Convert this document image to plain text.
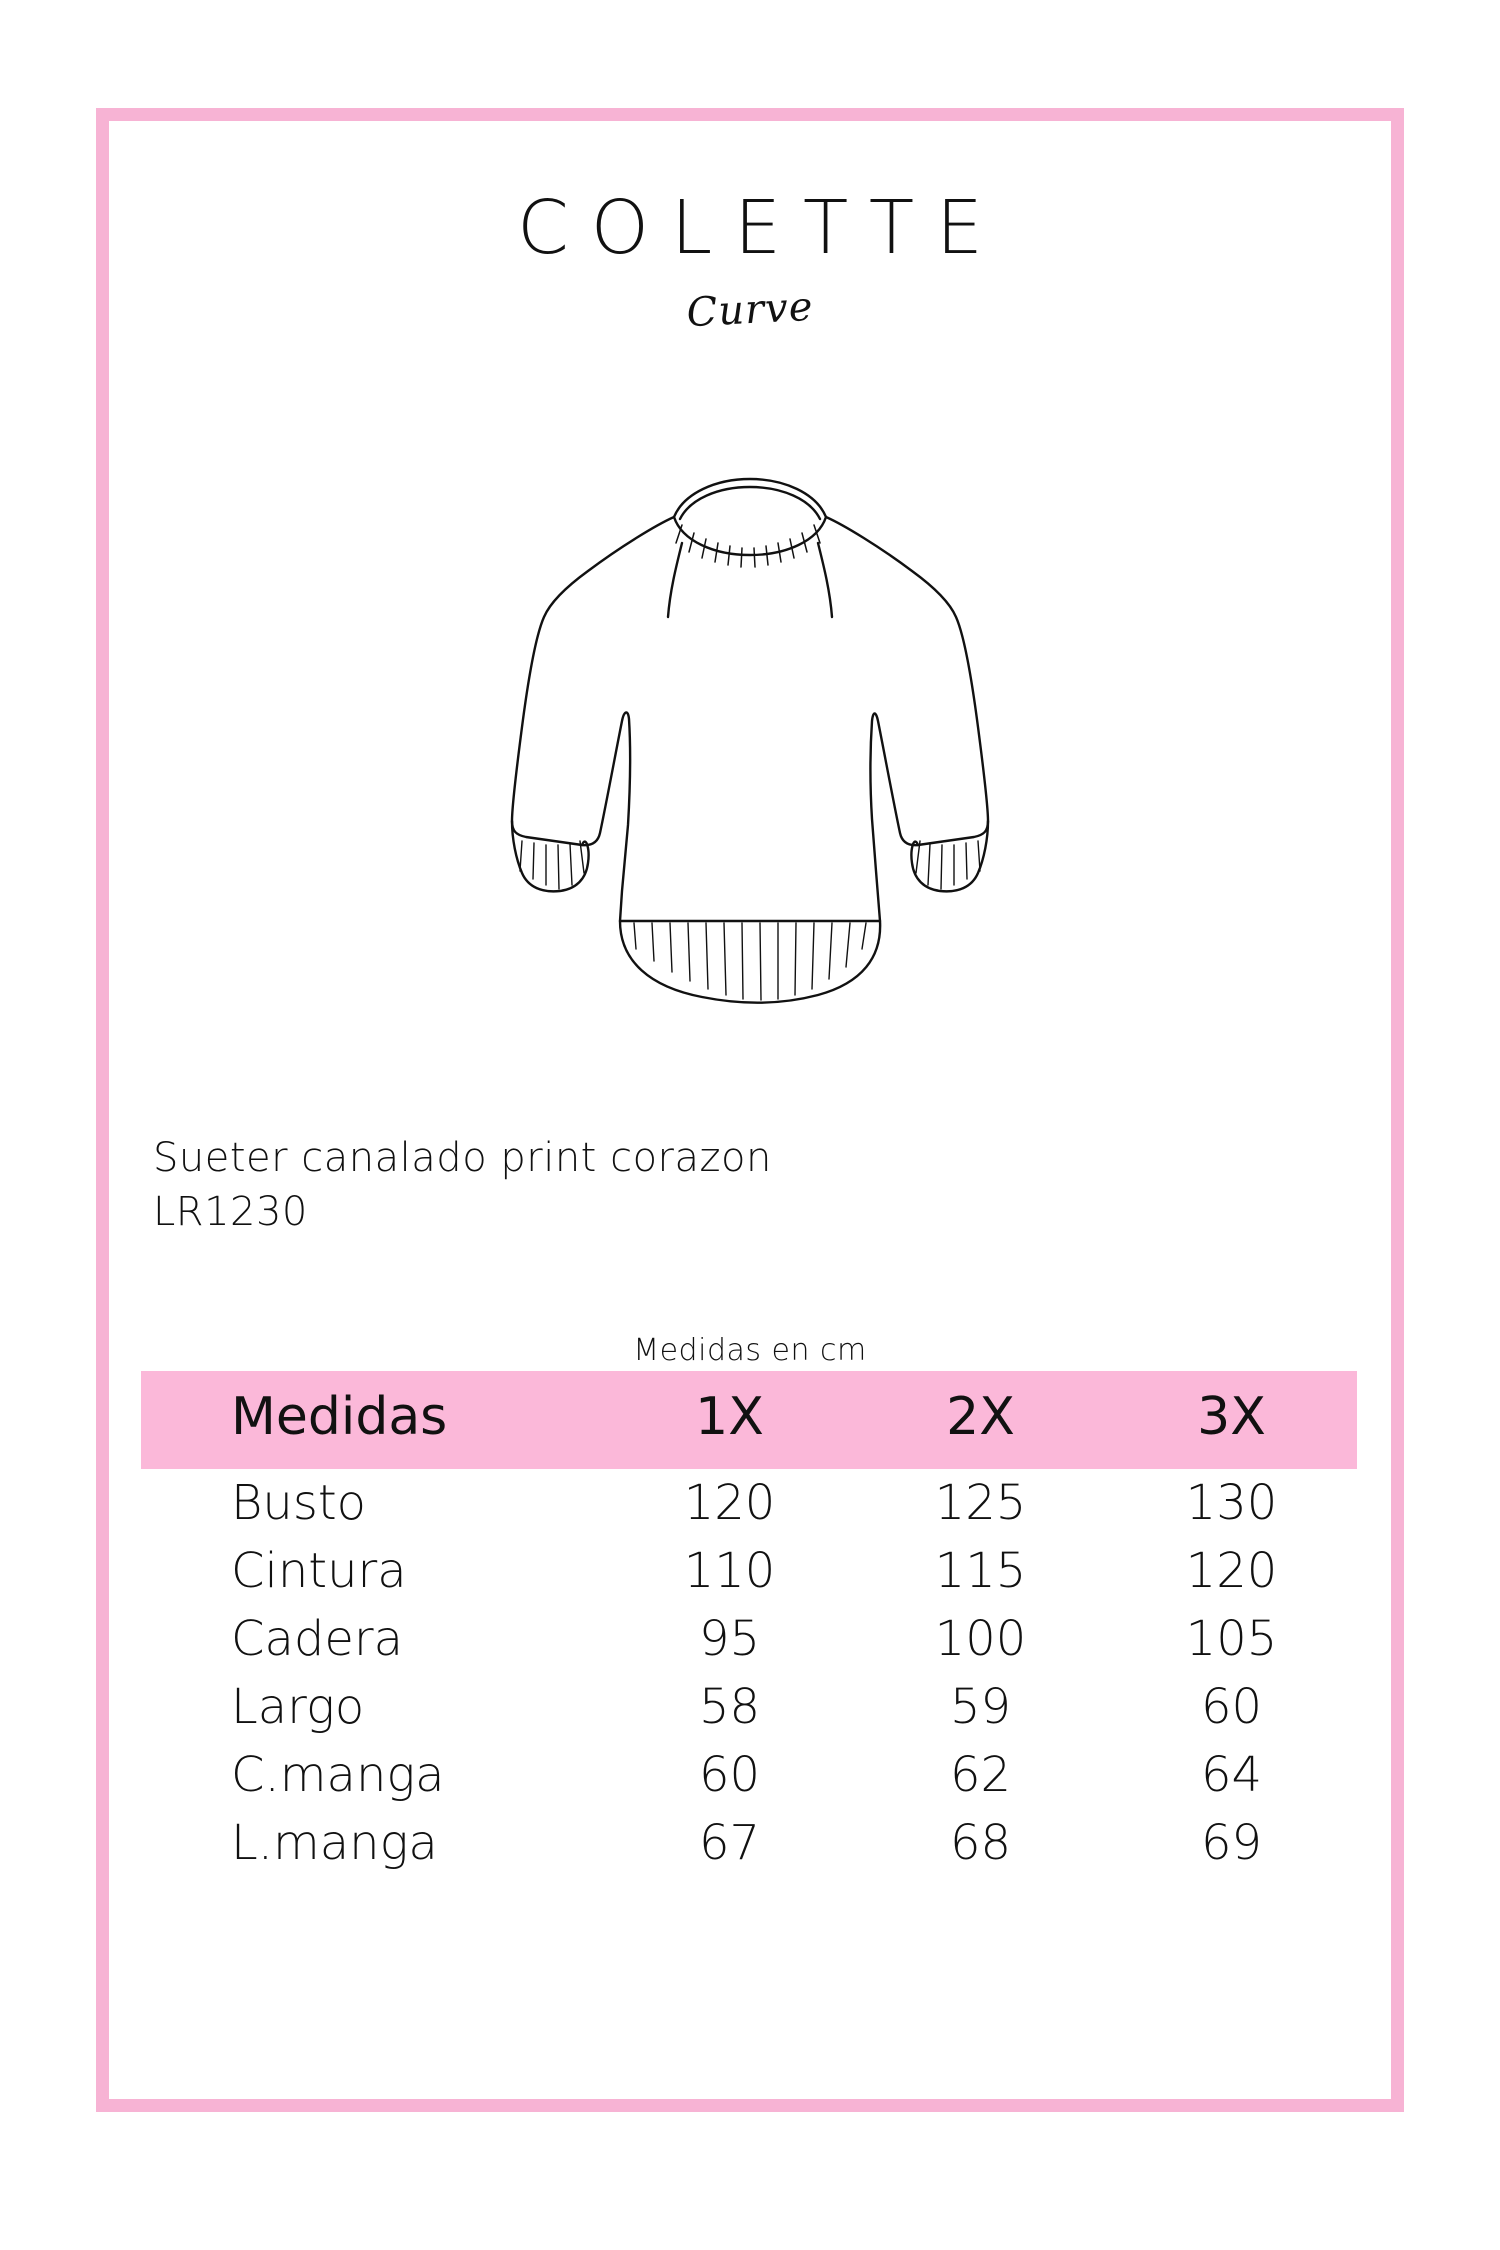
COLETTE
Curve
Sueter canalado print corazon
LR1230
Medidas en cm
Medidas	1X	2X	3X
Busto	120	125	130
Cintura	110	115	120
Cadera	95	100	105
Largo	58	59	60
C.manga	60	62	64
L.manga	67	68	69
